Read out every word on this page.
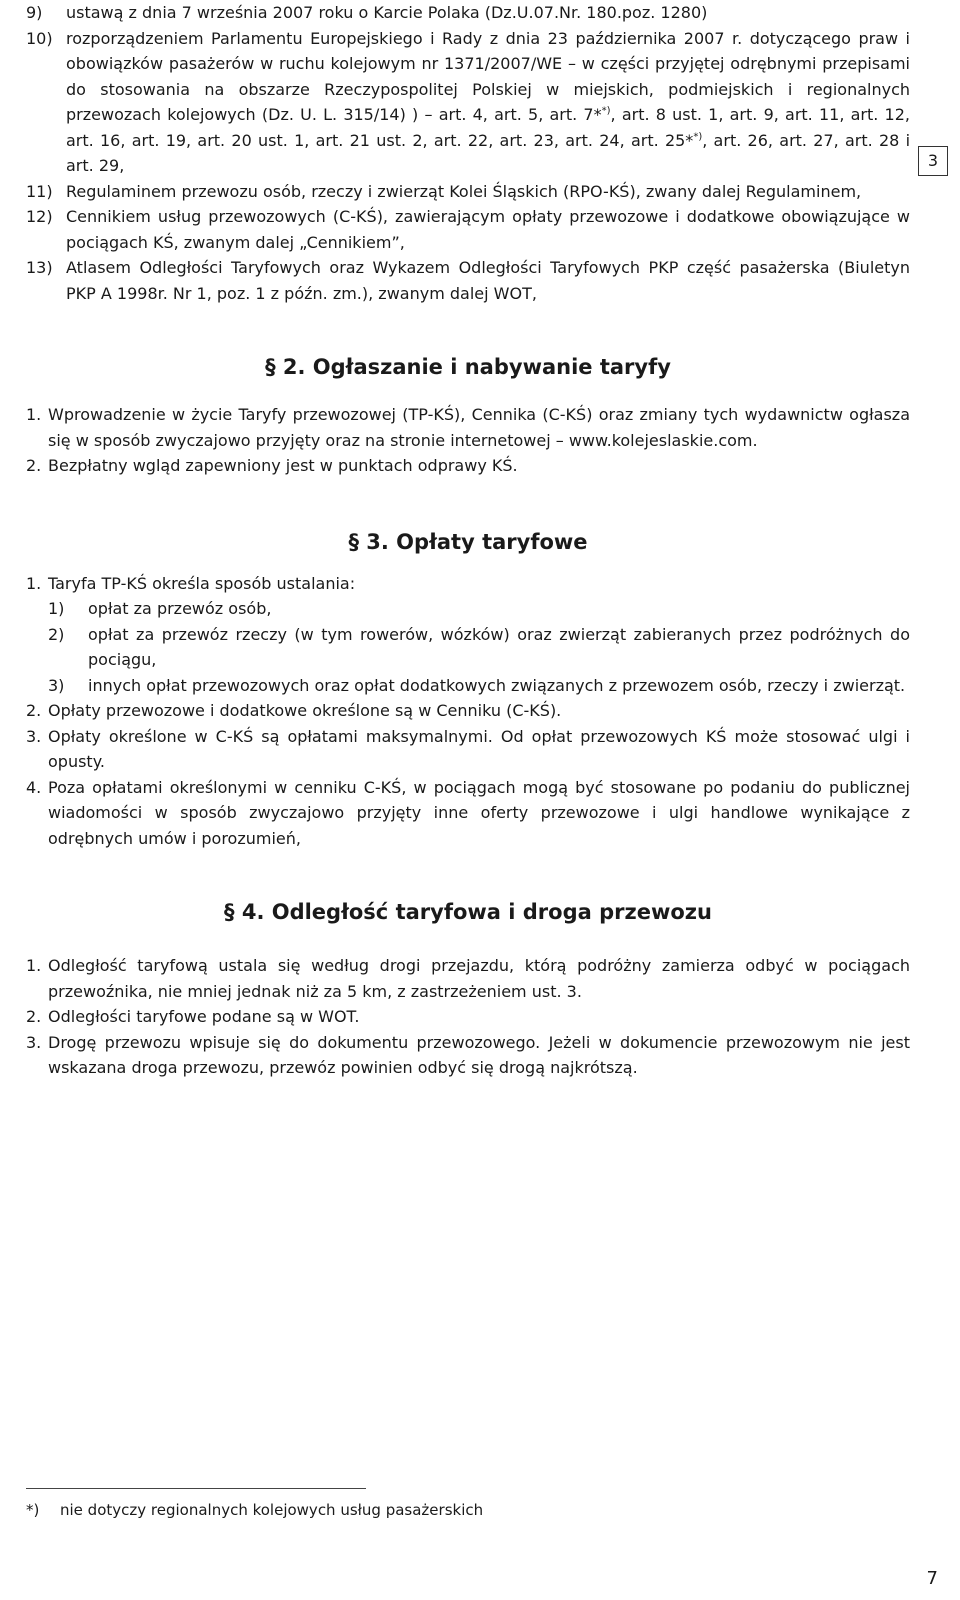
9) ustawą z dnia 7 września 2007 roku o Karcie Polaka (Dz.U.07.Nr. 180.poz. 1280)
10) rozporządzeniem Parlamentu Europejskiego i Rady z dnia 23 października 2007 r. dotyczącego praw i obowiązków pasażerów w ruchu kolejowym nr 1371/2007/WE – w części przyjętej odrębnymi przepisami do stosowania na obszarze Rzeczypospolitej Polskiej w miejskich, podmiejskich i regionalnych przewozach kolejowych (Dz. U. L. 315/14) ) – art. 4, art. 5, art. 7**), art. 8 ust. 1, art. 9, art. 11, art. 12, art. 16, art. 19, art. 20 ust. 1, art. 21 ust. 2, art. 22, art. 23, art. 24, art. 25**), art. 26, art. 27, art. 28 i art. 29,
11) Regulaminem przewozu osób, rzeczy i zwierząt Kolei Śląskich (RPO-KŚ), zwany dalej Regulaminem,
12) Cennikiem usług przewozowych (C-KŚ), zawierającym opłaty przewozowe i dodatkowe obowiązujące w pociągach KŚ, zwanym dalej „Cennikiem”,
13) Atlasem Odległości Taryfowych oraz Wykazem Odległości Taryfowych PKP część pasażerska (Biuletyn PKP A 1998r. Nr 1, poz. 1 z późn. zm.), zwanym dalej WOT,
§ 2. Ogłaszanie i nabywanie taryfy
1. Wprowadzenie w życie Taryfy przewozowej (TP-KŚ), Cennika (C-KŚ) oraz zmiany tych wydawnictw ogłasza się w sposób zwyczajowo przyjęty oraz na stronie internetowej – www.kolejeslaskie.com.
2. Bezpłatny wgląd zapewniony jest w punktach odprawy KŚ.
§ 3. Opłaty taryfowe
1. Taryfa TP-KŚ określa sposób ustalania:
1) opłat za przewóz osób,
2) opłat za przewóz rzeczy (w tym rowerów, wózków) oraz zwierząt zabieranych przez podróżnych do pociągu,
3) innych opłat przewozowych oraz opłat dodatkowych związanych z przewozem osób, rzeczy i zwierząt.
2. Opłaty przewozowe i dodatkowe określone są w Cenniku (C-KŚ).
3. Opłaty określone w C-KŚ są opłatami maksymalnymi. Od opłat przewozowych KŚ może stosować ulgi i opusty.
4. Poza opłatami określonymi w cenniku C-KŚ, w pociągach mogą być stosowane po podaniu do publicznej wiadomości w sposób zwyczajowo przyjęty inne oferty przewozowe i ulgi handlowe wynikające z odrębnych umów i porozumień,
§ 4. Odległość taryfowa i droga przewozu
1. Odległość taryfową ustala się według drogi przejazdu, którą podróżny zamierza odbyć w pociągach przewoźnika, nie mniej jednak niż za 5 km, z zastrzeżeniem ust. 3.
2. Odległości taryfowe podane są w WOT.
3. Drogę przewozu wpisuje się do dokumentu przewozowego. Jeżeli w dokumencie przewozowym nie jest wskazana droga przewozu, przewóz powinien odbyć się drogą najkrótszą.
*) nie dotyczy regionalnych kolejowych usług pasażerskich
3
7
